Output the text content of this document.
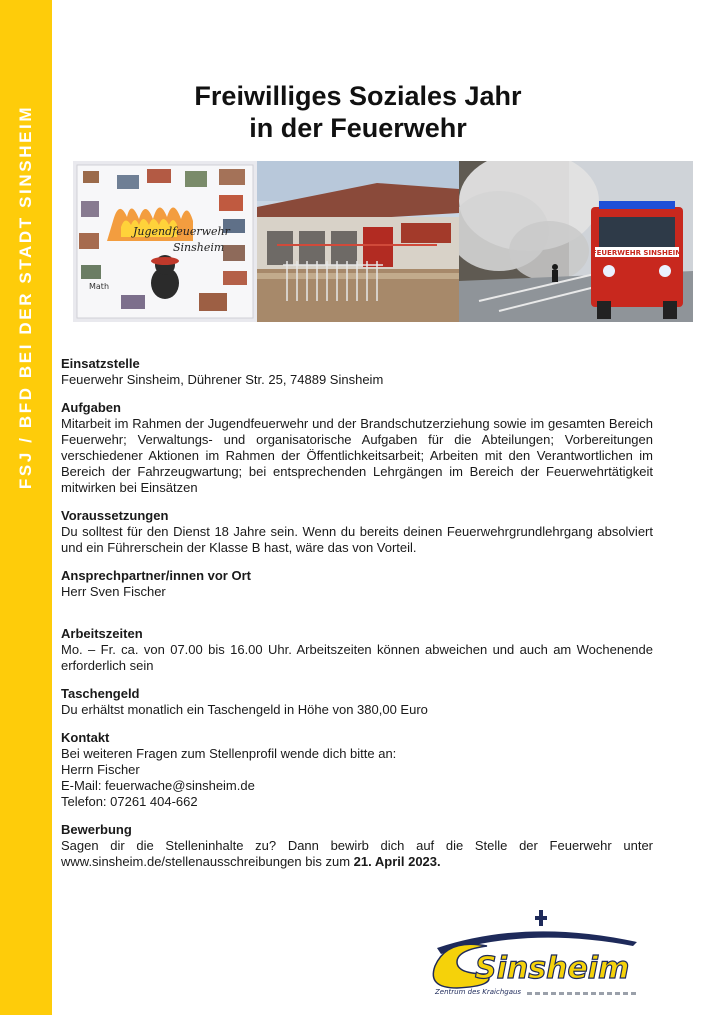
FSJ / BFD BEI DER STADT SINSHEIM
Freiwilliges Soziales Jahr
in der Feuerwehr
Jugendfeuerwehr
Sinsheim
Math
FEUERWEHR SINSHEIM
Einsatzstelle

Feuerwehr Sinsheim, Dührener Str. 25, 74889 Sinsheim

Aufgaben

Mitarbeit im Rahmen der Jugendfeuerwehr und der Brandschutzerziehung sowie im gesamten Bereich Feuerwehr; Verwaltungs- und organisatorische Aufgaben für die Abteilungen; Vorbereitungen verschiedener Aktionen im Rahmen der Öffentlichkeitsarbeit; Arbeiten mit den Verantwortlichen im Bereich der Fahrzeugwartung; bei entsprechenden Lehrgängen im Bereich der Feuerwehrtätigkeit mitwirken bei Einsätzen

Voraussetzungen

Du solltest für den Dienst 18 Jahre sein. Wenn du bereits deinen Feuerwehrgrundlehrgang absolviert und ein Führerschein der Klasse B hast, wäre das von Vorteil.

Ansprechpartner/innen vor Ort

Herr Sven Fischer

Arbeitszeiten

Mo. – Fr. ca. von 07.00 bis 16.00 Uhr. Arbeitszeiten können abweichen und auch am Wochenende erforderlich sein

Taschengeld

Du erhältst monatlich ein Taschengeld in Höhe von 380,00 Euro

Kontakt

Bei weiteren Fragen zum Stellenprofil wende dich bitte an:

Herrn Fischer

E-Mail: feuerwache@sinsheim.de

Telefon: 07261 404-662

Bewerbung

Sagen dir die Stelleninhalte zu? Dann bewirb dich auf die Stelle der Feuerwehr unter www.sinsheim.de/stellenausschreibungen bis zum 21. April 2023.

Sinsheim
Zentrum des Kraichgaus
